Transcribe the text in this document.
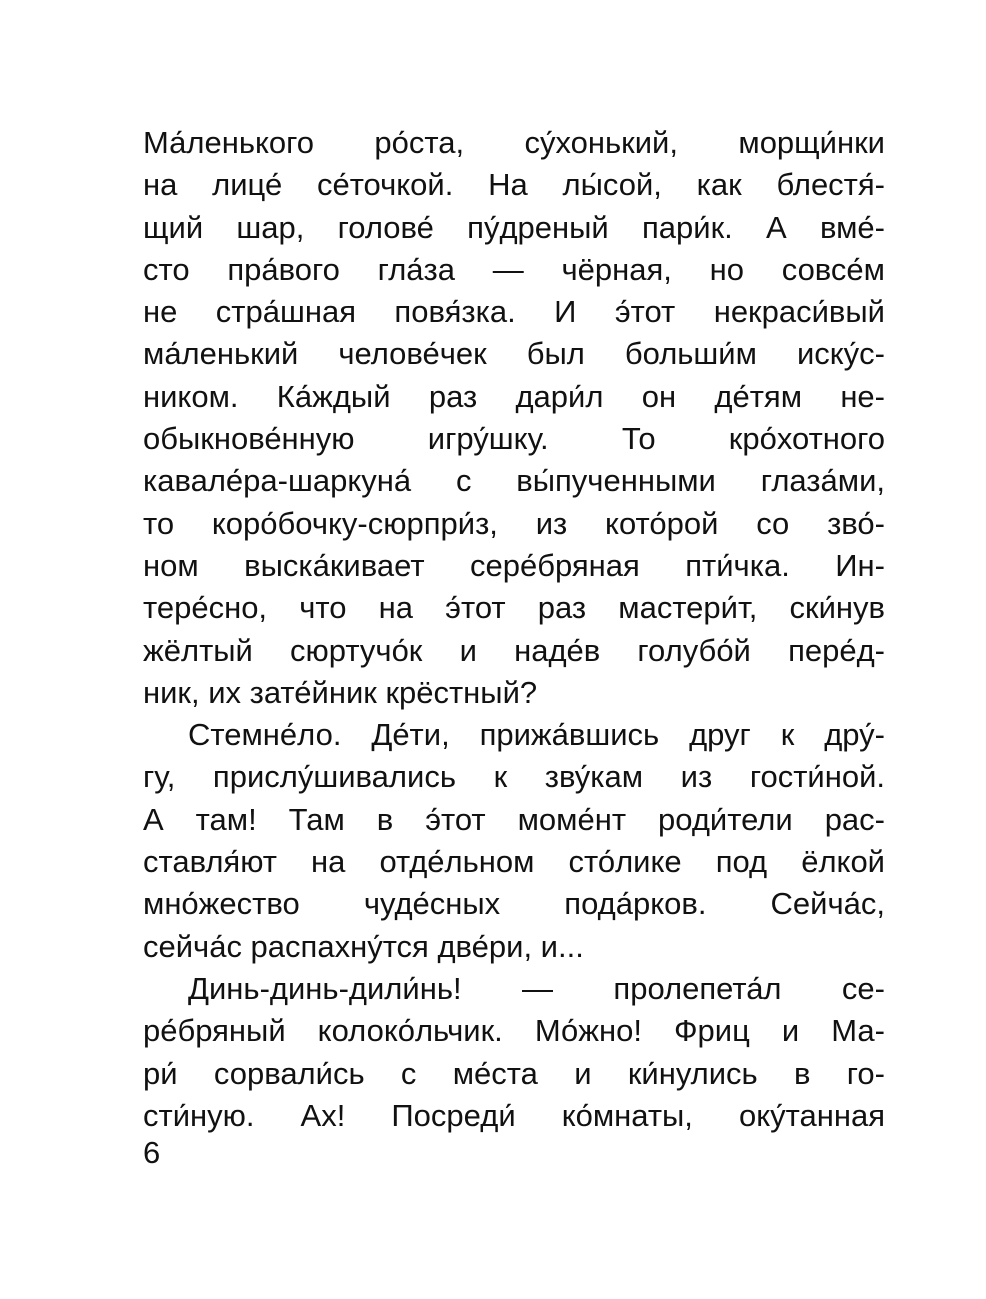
Ма́ленького ро́ста, су́хонький, морщи́нки
на лице́ се́точкой. На лы́сой, как блестя́-
щий шар, голове́ пу́дреный пари́к. А вме́-
сто пра́вого гла́за — чёрная, но совсе́м
не стра́шная повя́зка. И э́тот некраси́вый
ма́ленький челове́чек был больши́м иску́с-
ником. Ка́ждый раз дари́л он де́тям не-
обыкнове́нную игру́шку. То кро́хотного
кавале́ра-шаркуна́ с вы́пученными глаза́ми,
то коро́бочку-сюрпри́з, из кото́рой со зво́-
ном выска́кивает сере́бряная пти́чка. Ин-
тере́сно, что на э́тот раз мастери́т, ски́нув
жёлтый сюртучо́к и наде́в голубо́й пере́д-
ник, их зате́йник крёстный?
Стемне́ло. Де́ти, прижа́вшись друг к дру́-
гу, прислу́шивались к зву́кам из гости́ной.
А там! Там в э́тот моме́нт роди́тели рас-
ставля́ют на отде́льном сто́лике под ёлкой
мно́жество чуде́сных пода́рков. Сейча́с,
сейча́с распахну́тся две́ри, и...
Динь-динь-дили́нь! — пролепета́л се-
ре́бряный колоко́льчик. Мо́жно! Фриц и Ма-
ри́ сорвали́сь с ме́ста и ки́нулись в го-
сти́ную. Ах! Посреди́ ко́мнаты, оку́танная
6
